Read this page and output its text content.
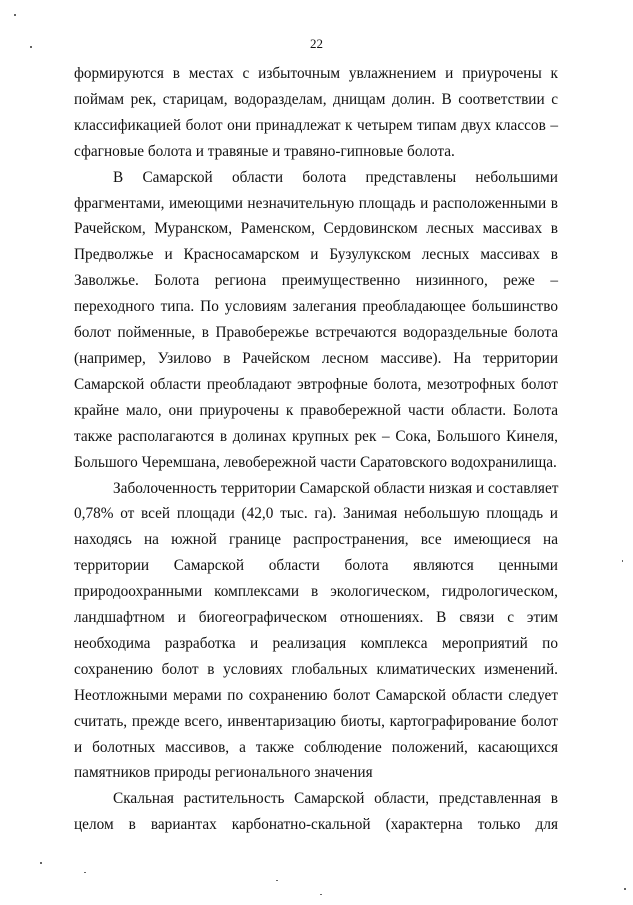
22
формируются в местах с избыточным увлажнением и приурочены к
поймам рек, старицам, водоразделам, днищам долин. В соответствии с
классификацией болот они принадлежат к четырем типам двух классов –
сфагновые болота и травяные и травяно-гипновые болота.
В Самарской области болота представлены небольшими
фрагментами, имеющими незначительную площадь и расположенными в
Рачейском, Муранском, Раменском, Сердовинском лесных массивах в
Предволжье и Красносамарском и Бузулукском лесных массивах в
Заволжье. Болота региона преимущественно низинного, реже –
переходного типа. По условиям залегания преобладающее большинство
болот пойменные, в Правобережье встречаются водораздельные болота
(например, Узилово в Рачейском лесном массиве). На территории
Самарской области преобладают эвтрофные болота, мезотрофных болот
крайне мало, они приурочены к правобережной части области. Болота
также располагаются в долинах крупных рек – Сока, Большого Кинеля,
Большого Черемшана, левобережной части Саратовского водохранилища.
Заболоченность территории Самарской области низкая и составляет
0,78% от всей площади (42,0 тыс. га). Занимая небольшую площадь и
находясь на южной границе распространения, все имеющиеся на
территории Самарской области болота являются ценными
природоохранными комплексами в экологическом, гидрологическом,
ландшафтном и биогеографическом отношениях. В связи с этим
необходима разработка и реализация комплекса мероприятий по
сохранению болот в условиях глобальных климатических изменений.
Неотложными мерами по сохранению болот Самарской области следует
считать, прежде всего, инвентаризацию биоты, картографирование болот
и болотных массивов, а также соблюдение положений, касающихся
памятников природы регионального значения
Скальная растительность Самарской области, представленная в
целом в вариантах карбонатно-скальной (характерна только для
